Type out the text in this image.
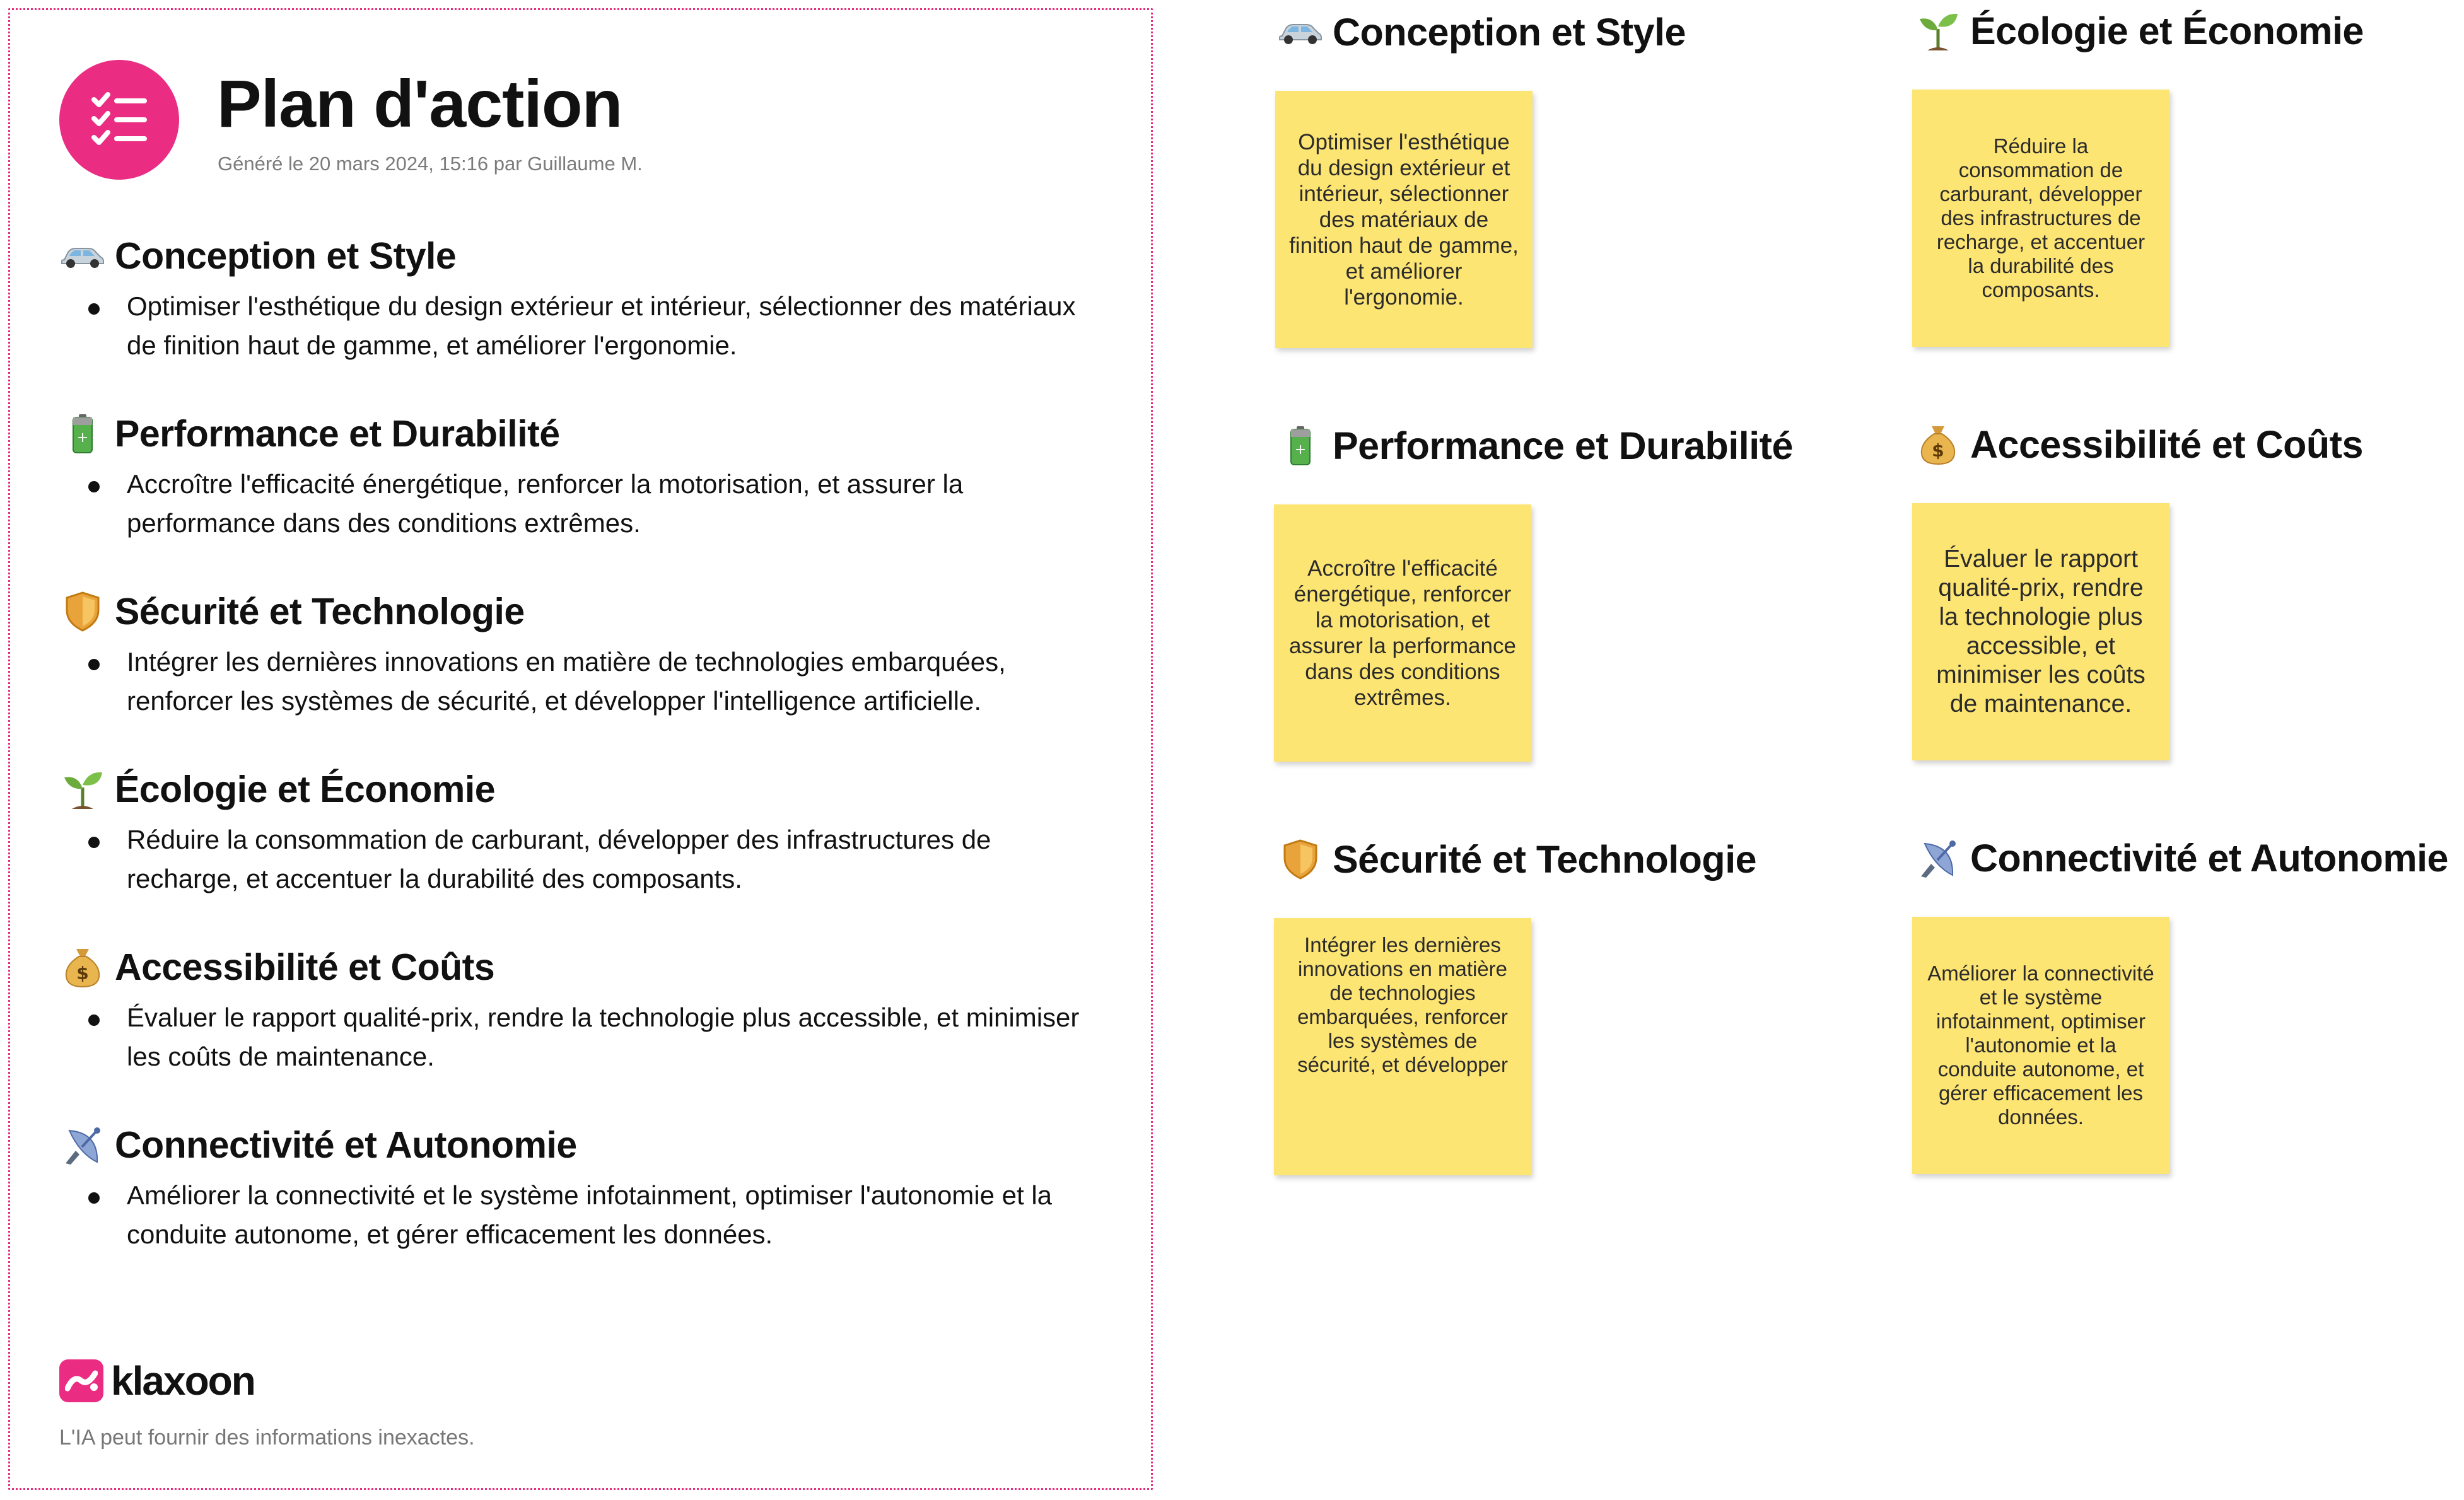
Plan d'action
Généré le 20 mars 2024, 15:16 par Guillaume M.
Conception et Style
Optimiser l'esthétique du design extérieur et intérieur, sélectionner des matériaux de finition haut de gamme, et améliorer l'ergonomie.
+ Performance et Durabilité
Accroître l'efficacité énergétique, renforcer la motorisation, et assurer la performance dans des conditions extrêmes.
Sécurité et Technologie
Intégrer les dernières innovations en matière de technologies embarquées, renforcer les systèmes de sécurité, et développer l'intelligence artificielle.
Écologie et Économie
Réduire la consommation de carburant, développer des infrastructures de recharge, et accentuer la durabilité des composants.
$ Accessibilité et Coûts
Évaluer le rapport qualité-prix, rendre la technologie plus accessible, et minimiser les coûts de maintenance.
Connectivité et Autonomie
Améliorer la connectivité et le système infotainment, optimiser l'autonomie et la conduite autonome, et gérer efficacement les données.
klaxoon
L'IA peut fournir des informations inexactes.
Conception et Style
Optimiser l'esthétique du design extérieur et intérieur, sélectionner des matériaux de finition haut de gamme, et améliorer l'ergonomie.
+ Performance et Durabilité
Accroître l'efficacité énergétique, renforcer la motorisation, et assurer la performance dans des conditions extrêmes.
Sécurité et Technologie
Intégrer les dernières innovations en matière de technologies embarquées, renforcer les systèmes de sécurité, et développer
Écologie et Économie
Réduire la consommation de carburant, développer des infrastructures de recharge, et accentuer la durabilité des composants.
$ Accessibilité et Coûts
Évaluer le rapport qualité-prix, rendre la technologie plus accessible, et minimiser les coûts de maintenance.
Connectivité et Autonomie
Améliorer la connectivité et le système infotainment, optimiser l'autonomie et la conduite autonome, et gérer efficacement les données.
